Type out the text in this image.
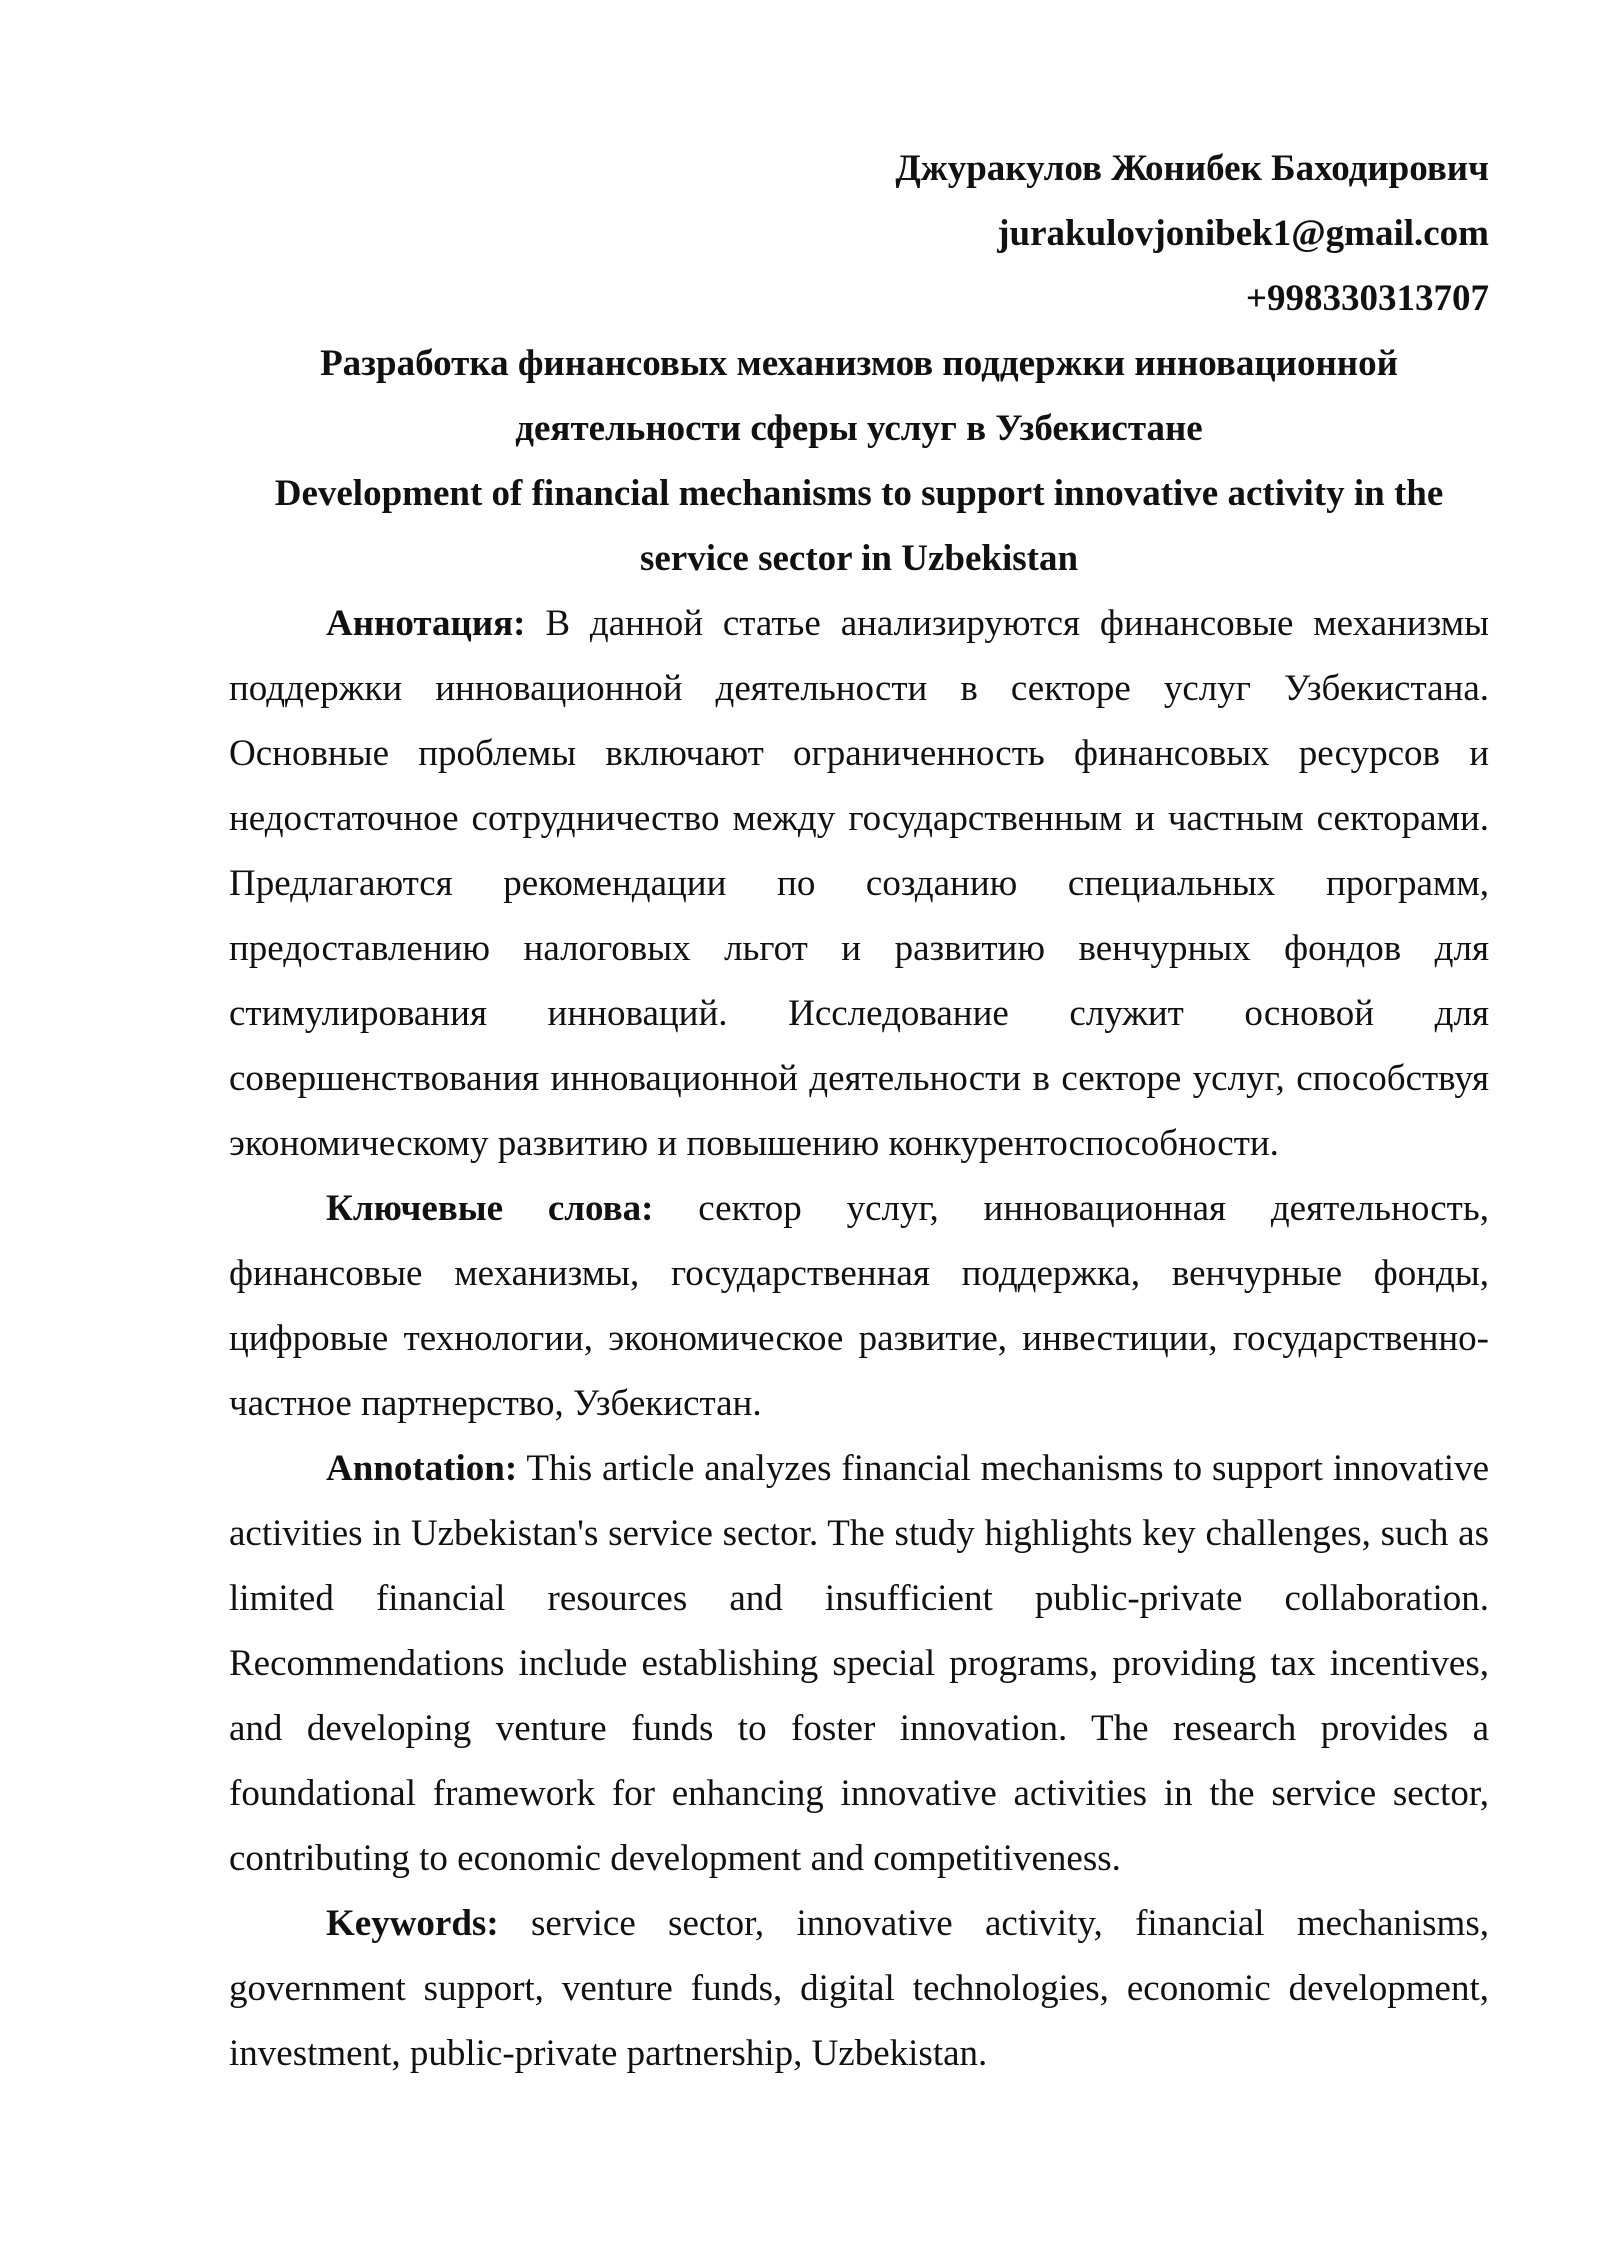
Джуракулов Жонибек Баходирович

jurakulovjonibek1@gmail.com

+998330313707

Разработка финансовых механизмов поддержки инновационной деятельности сферы услуг в Узбекистане

Development of financial mechanisms to support innovative activity in the service sector in Uzbekistan

Аннотация: В данной статье анализируются финансовые механизмы поддержки инновационной деятельности в секторе услуг Узбекистана. Основные проблемы включают ограниченность финансовых ресурсов и недостаточное сотрудничество между государственным и частным секторами. Предлагаются рекомендации по созданию специальных программ, предоставлению налоговых льгот и развитию венчурных фондов для стимулирования инноваций. Исследование служит основой для совершенствования инновационной деятельности в секторе услуг, способствуя экономическому развитию и повышению конкурентоспособности.

Ключевые слова: сектор услуг, инновационная деятельность, финансовые механизмы, государственная поддержка, венчурные фонды, цифровые технологии, экономическое развитие, инвестиции, государственно-частное партнерство, Узбекистан.

Annotation: This article analyzes financial mechanisms to support innovative activities in Uzbekistan's service sector. The study highlights key challenges, such as limited financial resources and insufficient public-private collaboration. Recommendations include establishing special programs, providing tax incentives, and developing venture funds to foster innovation. The research provides a foundational framework for enhancing innovative activities in the service sector, contributing to economic development and competitiveness.

Keywords: service sector, innovative activity, financial mechanisms, government support, venture funds, digital technologies, economic development, investment, public-private partnership, Uzbekistan.
